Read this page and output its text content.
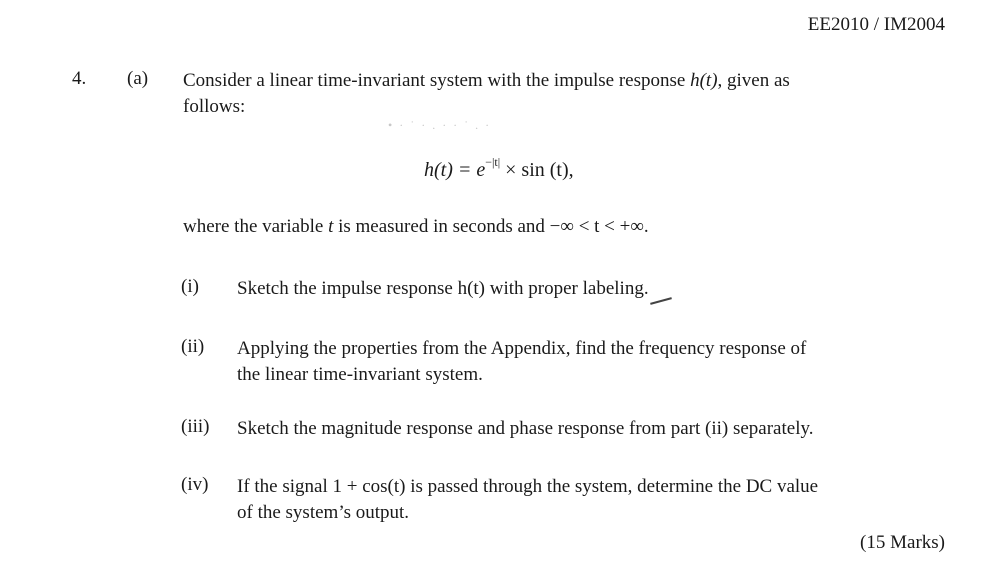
EE2010 / IM2004
4. (a) Consider a linear time-invariant system with the impulse response h(t), given as
follows:
• · ˙ · . · · ˙ . ·
$h(t) = e^{-|t|} \times \sin (t)$,
where the variable t is measured in seconds and −∞ < t < +∞.
(i) Sketch the impulse response h(t) with proper labeling.
(ii) Applying the properties from the Appendix, find the frequency response of
the linear time-invariant system.
(iii) Sketch the magnitude response and phase response from part (ii) separately.
(iv) If the signal 1 + cos(t) is passed through the system, determine the DC value
of the system’s output.
(15 Marks)
